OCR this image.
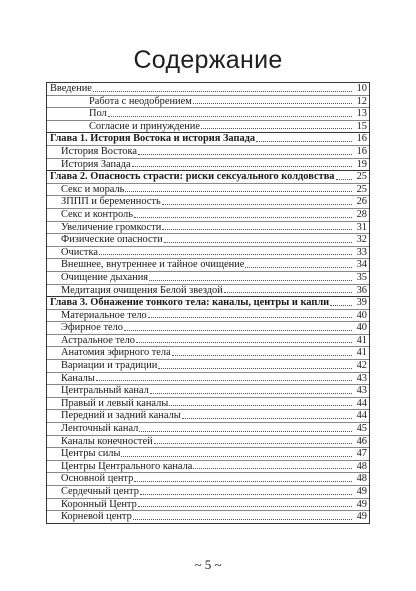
Содержание
Введение	10
Работа с неодобрением	12
Пол	13
Согласие и принуждение	15
Глава 1. История Востока и история Запада	16
История Востока	16
История Запада	19
Глава 2. Опасность страсти: риски сексуального колдовства	25
Секс и мораль	25
ЗППП и беременность	26
Секс и контроль	28
Увеличение громкости	31
Физические опасности	32
Очистка	33
Внешнее, внутреннее и тайное очищение	34
Очищение дыхания	35
Медитация очищения Белой звездой	36
Глава 3. Обнажение тонкого тела: каналы, центры и капли	39
Материальное тело	40
Эфирное тело	40
Астральное тело	41
Анатомия эфирного тела	41
Вариации и традиции	42
Каналы	43
Центральный канал	43
Правый и левый каналы	44
Передний и задний каналы	44
Ленточный канал	45
Каналы конечностей	46
Центры силы	47
Центры Центрального канала	48
Основной центр	48
Сердечный центр	49
Коронный Центр	49
Корневой центр	49
~ 5 ~
